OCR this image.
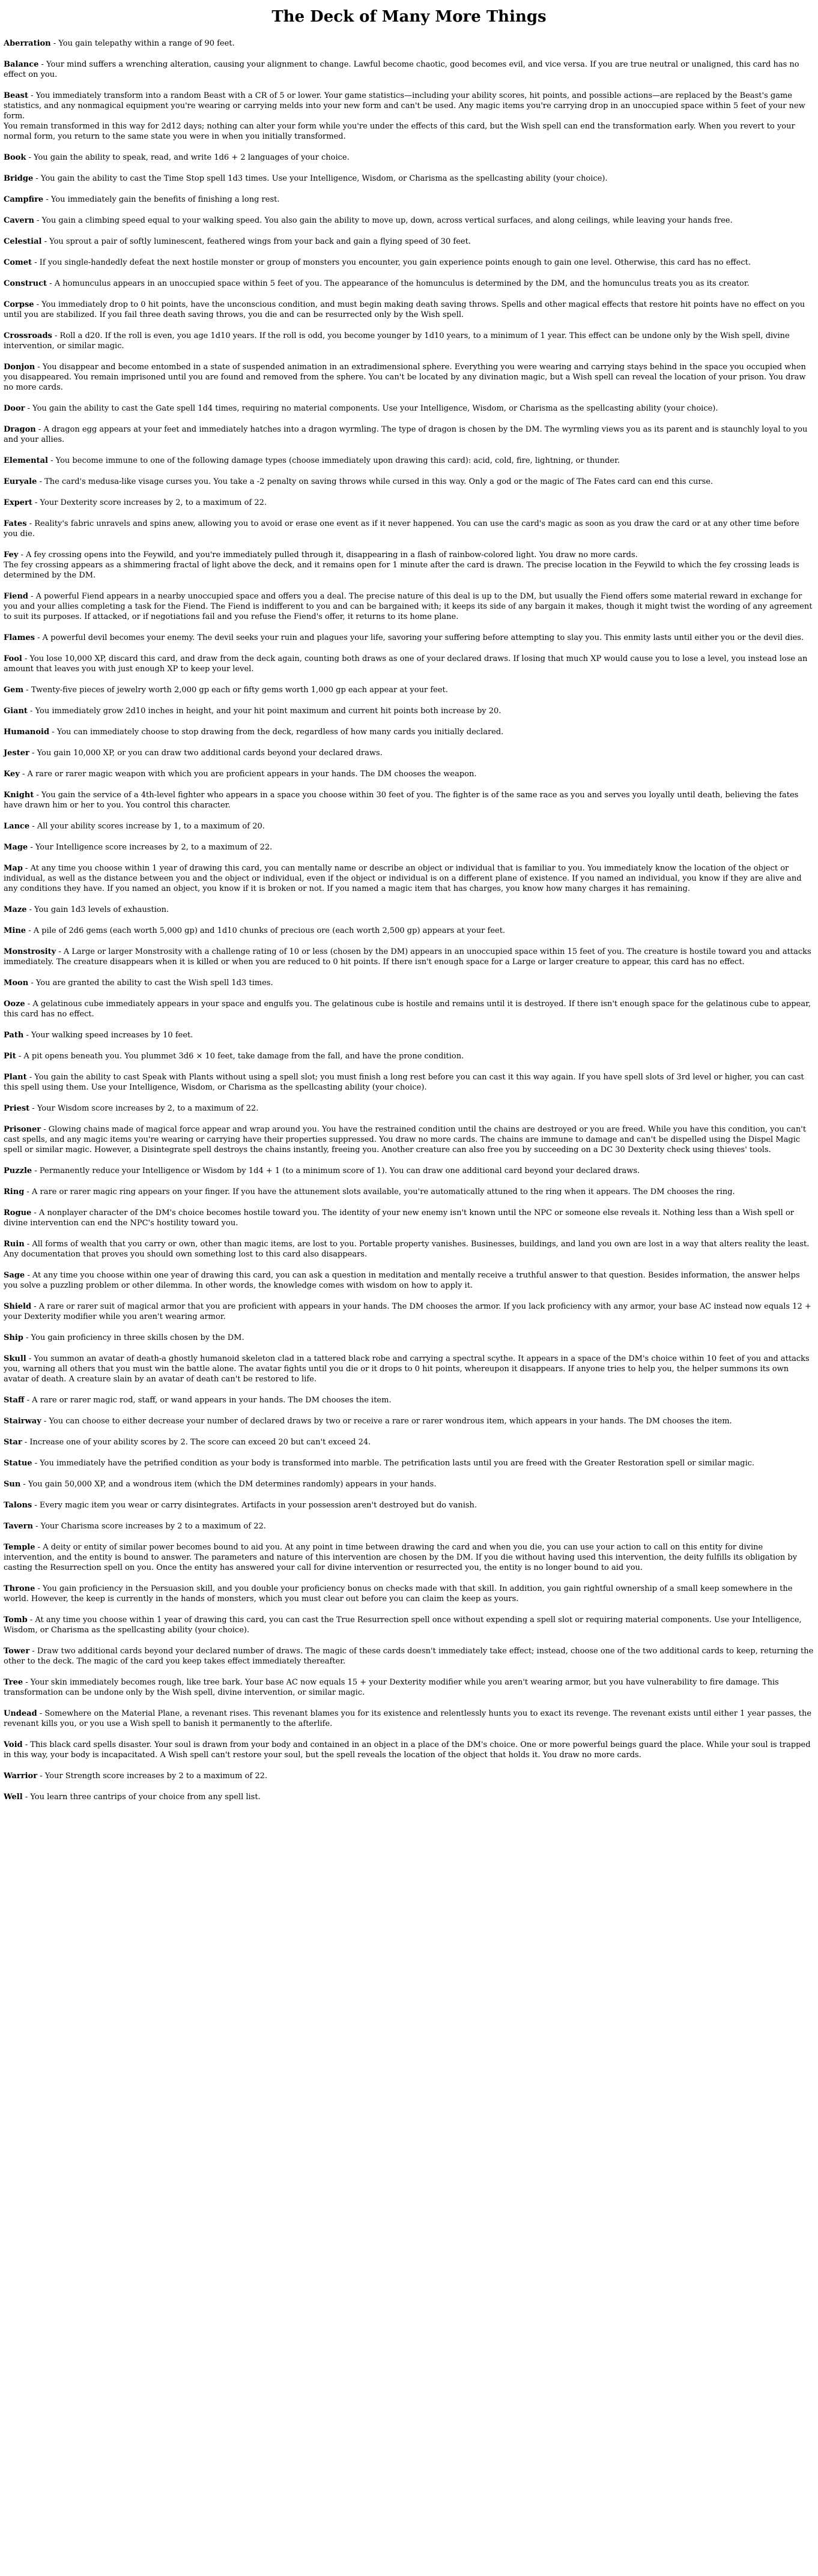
The Deck of Many More Things

Aberration - You gain telepathy within a range of 90 feet.

Balance - Your mind suffers a wrenching alteration, causing your alignment to change. Lawful become chaotic, good becomes evil, and vice versa. If you are true neutral or unaligned, this card has no effect on you.

Beast - You immediately transform into a random Beast with a CR of 5 or lower. Your game statistics—including your ability scores, hit points, and possible actions—are replaced by the Beast's game statistics, and any nonmagical equipment you're wearing or carrying melds into your new form and can't be used. Any magic items you're carrying drop in an unoccupied space within 5 feet of your new form.

You remain transformed in this way for 2d12 days; nothing can alter your form while you're under the effects of this card, but the Wish spell can end the transformation early. When you revert to your normal form, you return to the same state you were in when you initially transformed.

Book - You gain the ability to speak, read, and write 1d6 + 2 languages of your choice.

Bridge - You gain the ability to cast the Time Stop spell 1d3 times. Use your Intelligence, Wisdom, or Charisma as the spellcasting ability (your choice).

Campfire - You immediately gain the benefits of finishing a long rest.

Cavern - You gain a climbing speed equal to your walking speed. You also gain the ability to move up, down, across vertical surfaces, and along ceilings, while leaving your hands free.

Celestial - You sprout a pair of softly luminescent, feathered wings from your back and gain a flying speed of 30 feet.

Comet - If you single-handedly defeat the next hostile monster or group of monsters you encounter, you gain experience points enough to gain one level. Otherwise, this card has no effect.

Construct - A homunculus appears in an unoccupied space within 5 feet of you. The appearance of the homunculus is determined by the DM, and the homunculus treats you as its creator.

Corpse - You immediately drop to 0 hit points, have the unconscious condition, and must begin making death saving throws. Spells and other magical effects that restore hit points have no effect on you until you are stabilized. If you fail three death saving throws, you die and can be resurrected only by the Wish spell.

Crossroads - Roll a d20. If the roll is even, you age 1d10 years. If the roll is odd, you become younger by 1d10 years, to a minimum of 1 year. This effect can be undone only by the Wish spell, divine intervention, or similar magic.

Donjon - You disappear and become entombed in a state of suspended animation in an extradimensional sphere. Everything you were wearing and carrying stays behind in the space you occupied when you disappeared. You remain imprisoned until you are found and removed from the sphere. You can't be located by any divination magic, but a Wish spell can reveal the location of your prison. You draw no more cards.

Door - You gain the ability to cast the Gate spell 1d4 times, requiring no material components. Use your Intelligence, Wisdom, or Charisma as the spellcasting ability (your choice).

Dragon - A dragon egg appears at your feet and immediately hatches into a dragon wyrmling. The type of dragon is chosen by the DM. The wyrmling views you as its parent and is staunchly loyal to you and your allies.

Elemental - You become immune to one of the following damage types (choose immediately upon drawing this card): acid, cold, fire, lightning, or thunder.

Euryale - The card's medusa-like visage curses you. You take a -2 penalty on saving throws while cursed in this way. Only a god or the magic of The Fates card can end this curse.

Expert - Your Dexterity score increases by 2, to a maximum of 22.

Fates - Reality's fabric unravels and spins anew, allowing you to avoid or erase one event as if it never happened. You can use the card's magic as soon as you draw the card or at any other time before you die.

Fey - A fey crossing opens into the Feywild, and you're immediately pulled through it, disappearing in a flash of rainbow-colored light. You draw no more cards.

The fey crossing appears as a shimmering fractal of light above the deck, and it remains open for 1 minute after the card is drawn. The precise location in the Feywild to which the fey crossing leads is determined by the DM.

Fiend - A powerful Fiend appears in a nearby unoccupied space and offers you a deal. The precise nature of this deal is up to the DM, but usually the Fiend offers some material reward in exchange for you and your allies completing a task for the Fiend. The Fiend is indifferent to you and can be bargained with; it keeps its side of any bargain it makes, though it might twist the wording of any agreement to suit its purposes. If attacked, or if negotiations fail and you refuse the Fiend's offer, it returns to its home plane.

Flames - A powerful devil becomes your enemy. The devil seeks your ruin and plagues your life, savoring your suffering before attempting to slay you. This enmity lasts until either you or the devil dies.

Fool - You lose 10,000 XP, discard this card, and draw from the deck again, counting both draws as one of your declared draws. If losing that much XP would cause you to lose a level, you instead lose an amount that leaves you with just enough XP to keep your level.

Gem - Twenty-five pieces of jewelry worth 2,000 gp each or fifty gems worth 1,000 gp each appear at your feet.

Giant - You immediately grow 2d10 inches in height, and your hit point maximum and current hit points both increase by 20.

Humanoid - You can immediately choose to stop drawing from the deck, regardless of how many cards you initially declared.

Jester - You gain 10,000 XP, or you can draw two additional cards beyond your declared draws.

Key - A rare or rarer magic weapon with which you are proficient appears in your hands. The DM chooses the weapon.

Knight - You gain the service of a 4th-level fighter who appears in a space you choose within 30 feet of you. The fighter is of the same race as you and serves you loyally until death, believing the fates have drawn him or her to you. You control this character.

Lance - All your ability scores increase by 1, to a maximum of 20.

Mage - Your Intelligence score increases by 2, to a maximum of 22.

Map - At any time you choose within 1 year of drawing this card, you can mentally name or describe an object or individual that is familiar to you. You immediately know the location of the object or individual, as well as the distance between you and the object or individual, even if the object or individual is on a different plane of existence. If you named an individual, you know if they are alive and any conditions they have. If you named an object, you know if it is broken or not. If you named a magic item that has charges, you know how many charges it has remaining.

Maze - You gain 1d3 levels of exhaustion.

Mine - A pile of 2d6 gems (each worth 5,000 gp) and 1d10 chunks of precious ore (each worth 2,500 gp) appears at your feet.

Monstrosity - A Large or larger Monstrosity with a challenge rating of 10 or less (chosen by the DM) appears in an unoccupied space within 15 feet of you. The creature is hostile toward you and attacks immediately. The creature disappears when it is killed or when you are reduced to 0 hit points. If there isn't enough space for a Large or larger creature to appear, this card has no effect.

Moon - You are granted the ability to cast the Wish spell 1d3 times.

Ooze - A gelatinous cube immediately appears in your space and engulfs you. The gelatinous cube is hostile and remains until it is destroyed. If there isn't enough space for the gelatinous cube to appear, this card has no effect.

Path - Your walking speed increases by 10 feet.

Pit - A pit opens beneath you. You plummet 3d6 × 10 feet, take damage from the fall, and have the prone condition.

Plant - You gain the ability to cast Speak with Plants without using a spell slot; you must finish a long rest before you can cast it this way again. If you have spell slots of 3rd level or higher, you can cast this spell using them. Use your Intelligence, Wisdom, or Charisma as the spellcasting ability (your choice).

Priest - Your Wisdom score increases by 2, to a maximum of 22.

Prisoner - Glowing chains made of magical force appear and wrap around you. You have the restrained condition until the chains are destroyed or you are freed. While you have this condition, you can't cast spells, and any magic items you're wearing or carrying have their properties suppressed. You draw no more cards. The chains are immune to damage and can't be dispelled using the Dispel Magic spell or similar magic. However, a Disintegrate spell destroys the chains instantly, freeing you. Another creature can also free you by succeeding on a DC 30 Dexterity check using thieves' tools.

Puzzle - Permanently reduce your Intelligence or Wisdom by 1d4 + 1 (to a minimum score of 1). You can draw one additional card beyond your declared draws.

Ring - A rare or rarer magic ring appears on your finger. If you have the attunement slots available, you're automatically attuned to the ring when it appears. The DM chooses the ring.

Rogue - A nonplayer character of the DM's choice becomes hostile toward you. The identity of your new enemy isn't known until the NPC or someone else reveals it. Nothing less than a Wish spell or divine intervention can end the NPC's hostility toward you.

Ruin - All forms of wealth that you carry or own, other than magic items, are lost to you. Portable property vanishes. Businesses, buildings, and land you own are lost in a way that alters reality the least. Any documentation that proves you should own something lost to this card also disappears.

Sage - At any time you choose within one year of drawing this card, you can ask a question in meditation and mentally receive a truthful answer to that question. Besides information, the answer helps you solve a puzzling problem or other dilemma. In other words, the knowledge comes with wisdom on how to apply it.

Shield - A rare or rarer suit of magical armor that you are proficient with appears in your hands. The DM chooses the armor. If you lack proficiency with any armor, your base AC instead now equals 12 + your Dexterity modifier while you aren't wearing armor.

Ship - You gain proficiency in three skills chosen by the DM.

Skull - You summon an avatar of death-a ghostly humanoid skeleton clad in a tattered black robe and carrying a spectral scythe. It appears in a space of the DM's choice within 10 feet of you and attacks you, warning all others that you must win the battle alone. The avatar fights until you die or it drops to 0 hit points, whereupon it disappears. If anyone tries to help you, the helper summons its own avatar of death. A creature slain by an avatar of death can't be restored to life.

Staff - A rare or rarer magic rod, staff, or wand appears in your hands. The DM chooses the item.

Stairway - You can choose to either decrease your number of declared draws by two or receive a rare or rarer wondrous item, which appears in your hands. The DM chooses the item.

Star - Increase one of your ability scores by 2. The score can exceed 20 but can't exceed 24.

Statue - You immediately have the petrified condition as your body is transformed into marble. The petrification lasts until you are freed with the Greater Restoration spell or similar magic.

Sun - You gain 50,000 XP, and a wondrous item (which the DM determines randomly) appears in your hands.

Talons - Every magic item you wear or carry disintegrates. Artifacts in your possession aren't destroyed but do vanish.

Tavern - Your Charisma score increases by 2 to a maximum of 22.

Temple - A deity or entity of similar power becomes bound to aid you. At any point in time between drawing the card and when you die, you can use your action to call on this entity for divine intervention, and the entity is bound to answer. The parameters and nature of this intervention are chosen by the DM. If you die without having used this intervention, the deity fulfills its obligation by casting the Resurrection spell on you. Once the entity has answered your call for divine intervention or resurrected you, the entity is no longer bound to aid you.

Throne - You gain proficiency in the Persuasion skill, and you double your proficiency bonus on checks made with that skill. In addition, you gain rightful ownership of a small keep somewhere in the world. However, the keep is currently in the hands of monsters, which you must clear out before you can claim the keep as yours.

Tomb - At any time you choose within 1 year of drawing this card, you can cast the True Resurrection spell once without expending a spell slot or requiring material components. Use your Intelligence, Wisdom, or Charisma as the spellcasting ability (your choice).

Tower - Draw two additional cards beyond your declared number of draws. The magic of these cards doesn't immediately take effect; instead, choose one of the two additional cards to keep, returning the other to the deck. The magic of the card you keep takes effect immediately thereafter.

Tree - Your skin immediately becomes rough, like tree bark. Your base AC now equals 15 + your Dexterity modifier while you aren't wearing armor, but you have vulnerability to fire damage. This transformation can be undone only by the Wish spell, divine intervention, or similar magic.

Undead - Somewhere on the Material Plane, a revenant rises. This revenant blames you for its existence and relentlessly hunts you to exact its revenge. The revenant exists until either 1 year passes, the revenant kills you, or you use a Wish spell to banish it permanently to the afterlife.

Void - This black card spells disaster. Your soul is drawn from your body and contained in an object in a place of the DM's choice. One or more powerful beings guard the place. While your soul is trapped in this way, your body is incapacitated. A Wish spell can't restore your soul, but the spell reveals the location of the object that holds it. You draw no more cards.

Warrior - Your Strength score increases by 2 to a maximum of 22.

Well - You learn three cantrips of your choice from any spell list.
